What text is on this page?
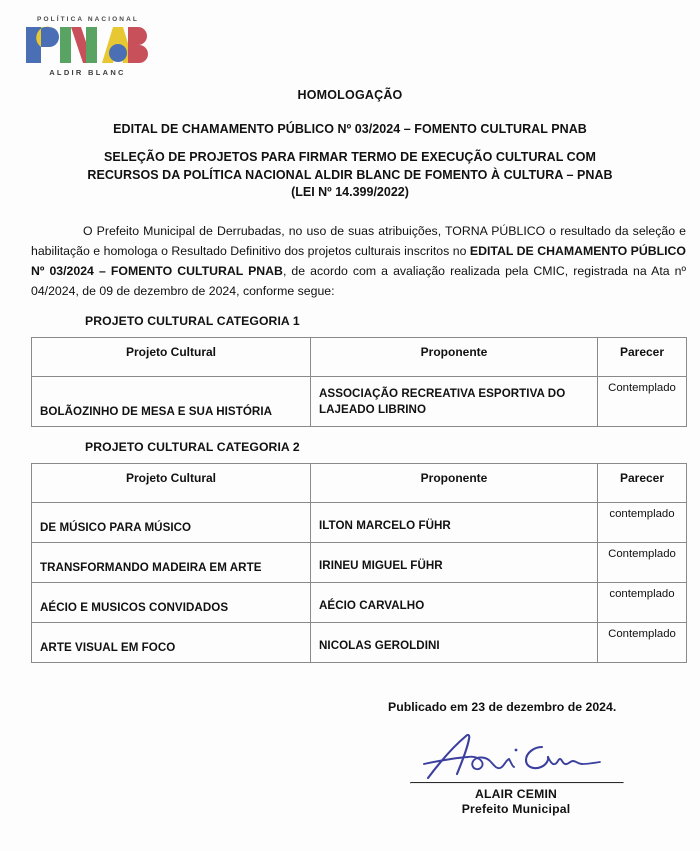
POLÍTICA NACIONAL
ALDIR BLANC
HOMOLOGAÇÃO
EDITAL DE CHAMAMENTO PÚBLICO Nº 03/2024 – FOMENTO CULTURAL PNAB
SELEÇÃO DE PROJETOS PARA FIRMAR TERMO DE EXECUÇÃO CULTURAL COM
RECURSOS DA POLÍTICA NACIONAL ALDIR BLANC DE FOMENTO À CULTURA – PNAB
(LEI Nº 14.399/2022)

O Prefeito Municipal de Derrubadas, no uso de suas atribuições, TORNA PÚBLICO o resultado da seleção e habilitação e homologa o Resultado Definitivo dos projetos culturais inscritos no EDITAL DE CHAMAMENTO PÚBLICO Nº 03/2024 – FOMENTO CULTURAL PNAB, de acordo com a avaliação realizada pela CMIC, registrada na Ata nº 04/2024, de 09 de dezembro de 2024, conforme segue:

PROJETO CULTURAL CATEGORIA 1
Projeto Cultural	Proponente	Parecer
BOLÃOZINHO DE MESA E SUA HISTÓRIA	ASSOCIAÇÃO RECREATIVA ESPORTIVA DO LAJEADO LIBRINO	Contemplado
PROJETO CULTURAL CATEGORIA 2
Projeto Cultural	Proponente	Parecer
DE MÚSICO PARA MÚSICO	ILTON MARCELO FÜHR	contemplado
TRANSFORMANDO MADEIRA EM ARTE	IRINEU MIGUEL FÜHR	Contemplado
AÉCIO E MUSICOS CONVIDADOS	AÉCIO CARVALHO	contemplado
ARTE VISUAL EM FOCO	NICOLAS GEROLDINI	Contemplado
Publicado em 23 de dezembro de 2024.
ALAIR CEMIN
Prefeito Municipal
